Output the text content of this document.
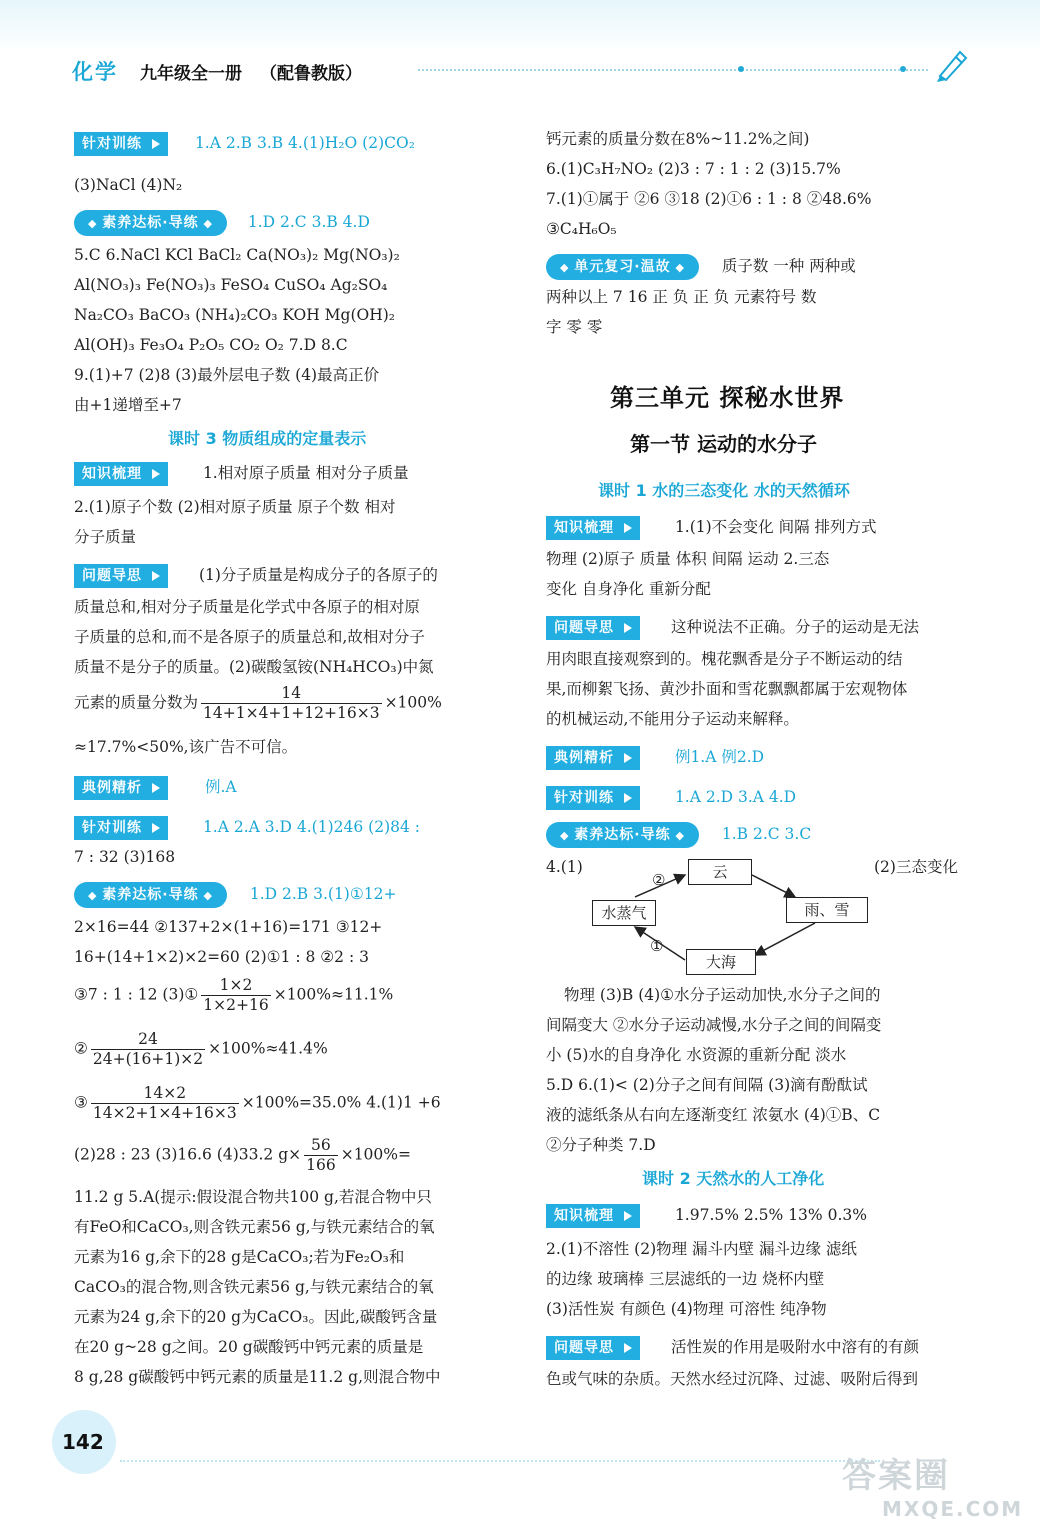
化学 九年级全一册 （配鲁教版）
针对训练	1.A 2.B 3.B 4.(1)H₂O (2)CO₂
(3)NaCl (4)N₂
◆ 素养达标·导练 ◆ 1.D 2.C 3.B 4.D
5.C 6.NaCl KCl BaCl₂ Ca(NO₃)₂ Mg(NO₃)₂
Al(NO₃)₃ Fe(NO₃)₃ FeSO₄ CuSO₄ Ag₂SO₄
Na₂CO₃ BaCO₃ (NH₄)₂CO₃ KOH Mg(OH)₂
Al(OH)₃ Fe₃O₄ P₂O₅ CO₂ O₂ 7.D 8.C
9.(1)+7 (2)8 (3)最外层电子数 (4)最高正价
由+1递增至+7
课时 3 物质组成的定量表示
知识梳理	1.相对原子质量 相对分子质量
2.(1)原子个数 (2)相对原子质量 原子个数 相对
分子质量
问题导思	(1)分子质量是构成分子的各原子的
质量总和,相对分子质量是化学式中各原子的相对原
子质量的总和,而不是各原子的质量总和,故相对分子
质量不是分子的质量。(2)碳酸氢铵(NH₄HCO₃)中氮
元素的质量分数为 $\frac{14}{14+1\times 4+1+12+16\times 3} \times 100\%$
≈17.7%<50%,该广告不可信。
典例精析	例.A
针对训练	1.A 2.A 3.D 4.(1)246 (2)84 :
7 : 32 (3)168
◆ 素养达标·导练 ◆ 1.D 2.B 3.(1)①12+
2×16=44 ②137+2×(1+16)=171 ③12+
16+(14+1×2)×2=60 (2)①1 : 8 ②2 : 3
③7 : 1 : 12 (3)① $\frac{1\times 2}{1\times 2+16} \times 100\%\approx 11.1\%$
② $\frac{24}{24+(16+1)\times 2} \times 100\%\approx 41.4\%$
③ $\frac{14\times 2}{14\times 2+1\times 4+16\times 3} \times 100\%=35.0\%$ 4.(1)1 +6
(2)28 : 23 (3)16.6 (4)33.2 $g\times \frac{56}{166} \times 100\%=$
11.2 g 5.A(提示:假设混合物共100 g,若混合物中只
有FeO和CaCO₃,则含铁元素56 g,与铁元素结合的氧
元素为16 g,余下的28 g是CaCO₃;若为Fe₂O₃和
CaCO₃的混合物,则含铁元素56 g,与铁元素结合的氧
元素为24 g,余下的20 g为CaCO₃。因此,碳酸钙含量
在20 g~28 g之间。20 g碳酸钙中钙元素的质量是
8 g,28 g碳酸钙中钙元素的质量是11.2 g,则混合物中
钙元素的质量分数在8%~11.2%之间)
6.(1)C₃H₇NO₂ (2)3 : 7 : 1 : 2 (3)15.7%
7.(1)①属于 ②6 ③18 (2)①6 : 1 : 8 ②48.6%
③C₄H₆O₅
◆ 单元复习·温故 ◆ 质子数 一种 两种或
两种以上 7 16 正 负 正 负 元素符号 数
字 零 零
第三单元 探秘水世界
第一节 运动的水分子
课时 1 水的三态变化 水的天然循环
知识梳理	1.(1)不会变化 间隔 排列方式
物理 (2)原子 质量 体积 间隔 运动 2.三态
变化 自身净化 重新分配
问题导思	这种说法不正确。分子的运动是无法
用肉眼直接观察到的。槐花飘香是分子不断运动的结
果,而柳絮飞扬、黄沙扑面和雪花飘飘都属于宏观物体
的机械运动,不能用分子运动来解释。
典例精析	例1.A 例2.D
针对训练	1.A 2.D 3.A 4.D
◆ 素养达标·导练 ◆ 1.B 2.C 3.C
4.(1)	(2)三态变化
云
水蒸气	雨、雪
大海
②
①
物理 (3)B (4)①水分子运动加快,水分子之间的
间隔变大 ②水分子运动减慢,水分子之间的间隔变
小 (5)水的自身净化 水资源的重新分配 淡水
5.D 6.(1)< (2)分子之间有间隔 (3)滴有酚酞试
液的滤纸条从右向左逐渐变红 浓氨水 (4)①B、C
②分子种类 7.D
课时 2 天然水的人工净化
知识梳理	1.97.5% 2.5% 13% 0.3%
2.(1)不溶性 (2)物理 漏斗内壁 漏斗边缘 滤纸
的边缘 玻璃棒 三层滤纸的一边 烧杯内壁
(3)活性炭 有颜色 (4)物理 可溶性 纯净物
问题导思	活性炭的作用是吸附水中溶有的有颜
色或气味的杂质。天然水经过沉降、过滤、吸附后得到
142
答案圈
MXQE.COM
